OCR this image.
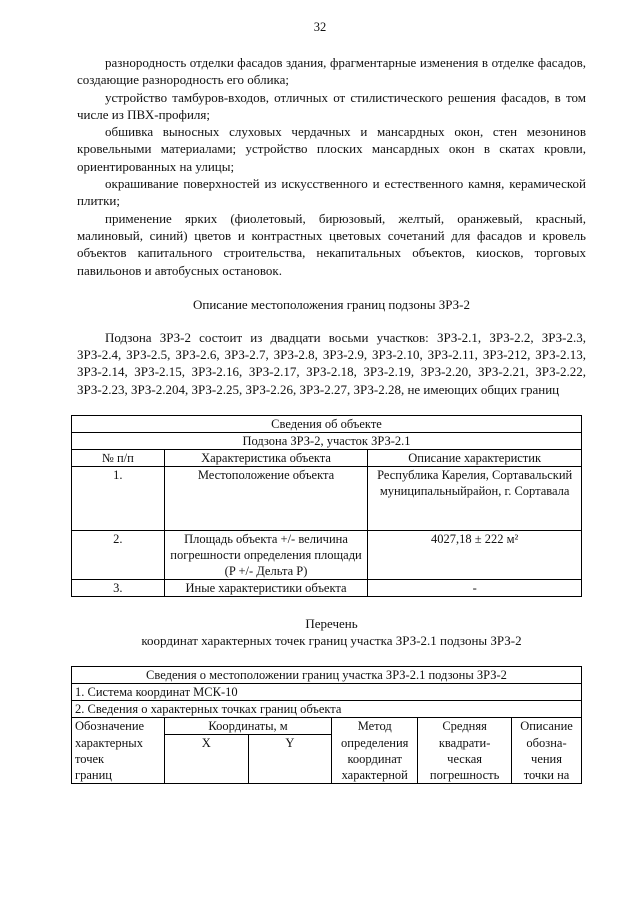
32

разнородность отделки фасадов здания, фрагментарные изменения в отделке фасадов, создающие разнородность его облика;

устройство тамбуров-входов, отличных от стилистического решения фасадов, в том числе из ПВХ-профиля;

обшивка выносных слуховых чердачных и мансардных окон, стен мезонинов кровельными материалами; устройство плоских мансардных окон в скатах кровли, ориентированных на улицы;

окрашивание поверхностей из искусственного и естественного камня, керамической плитки;

применение ярких (фиолетовый, бирюзовый, желтый, оранжевый, красный, малиновый, синий) цветов и контрастных цветовых сочетаний для фасадов и кровель объектов капитального строительства, некапитальных объектов, киосков, торговых павильонов и автобусных остановок.

Описание местоположения границ подзоны ЗРЗ-2

Подзона ЗРЗ-2 состоит из двадцати восьми участков: ЗРЗ-2.1, ЗРЗ-2.2, ЗРЗ-2.3, ЗРЗ-2.4, ЗРЗ-2.5, ЗРЗ-2.6, ЗРЗ-2.7, ЗРЗ-2.8, ЗРЗ-2.9, ЗРЗ-2.10, ЗРЗ-2.11, ЗРЗ-212, ЗРЗ-2.13, ЗРЗ-2.14, ЗРЗ-2.15, ЗРЗ-2.16, ЗРЗ-2.17, ЗРЗ-2.18, ЗРЗ-2.19, ЗРЗ-2.20, ЗРЗ-2.21, ЗРЗ-2.22, ЗРЗ-2.23, ЗРЗ-2.204, ЗРЗ-2.25, ЗРЗ-2.26, ЗРЗ-2.27, ЗРЗ-2.28, не имеющих общих границ

Сведения об объекте		
Подзона ЗРЗ-2, участок ЗРЗ-2.1		
№ п/п	Характеристика объекта	Описание характеристик
1.	Местоположение объекта	Республика Карелия, Сортавальский муниципальныйрайон, г. Сортавала
2.	Площадь объекта +/- величина погрешности определения площади (P +/- Дельта P)	4027,18 ± 222 м²
3.	Иные характеристики объекта	-

Перечень

координат характерных точек границ участка ЗРЗ-2.1 подзоны ЗРЗ-2

Сведения о местоположении границ участка ЗРЗ-2.1 подзоны ЗРЗ-2					
1. Система координат МСК-10					
2. Сведения о характерных точках границ объекта					
Обозначение	Координаты, м		Метод	Средняя	Описание
характерных	X	Y	определения	квадрати-	обозна-
точек			координат	ческая	чения
границ			характерной	погрешность	точки на
